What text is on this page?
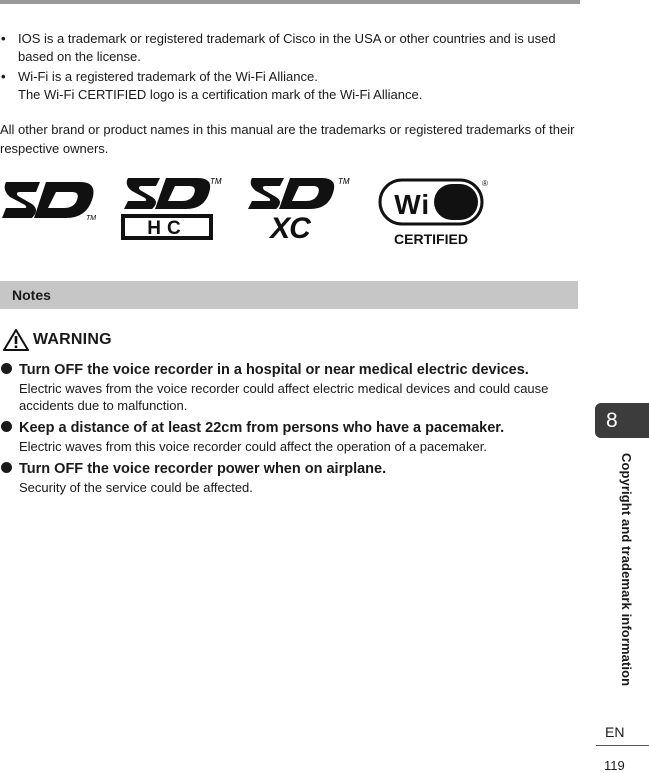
• IOS is a trademark or registered trademark of Cisco in the USA or other countries and is used
based on the license.
• Wi-Fi is a registered trademark of the Wi-Fi Alliance.
The Wi-Fi CERTIFIED logo is a certification mark of the Wi-Fi Alliance.
All other brand or product names in this manual are the trademarks or registered trademarks of their respective owners.
TM
TM
HC
TM
XC
Wi Fi
®
CERTIFIED
Notes
WARNING
Turn OFF the voice recorder in a hospital or near medical electric devices.
Electric waves from the voice recorder could affect electric medical devices and could cause accidents due to malfunction.
Keep a distance of at least 22cm from persons who have a pacemaker.
Electric waves from this voice recorder could affect the operation of a pacemaker.
Turn OFF the voice recorder power when on airplane.
Security of the service could be affected.
8
Copyright and trademark information
EN
119
